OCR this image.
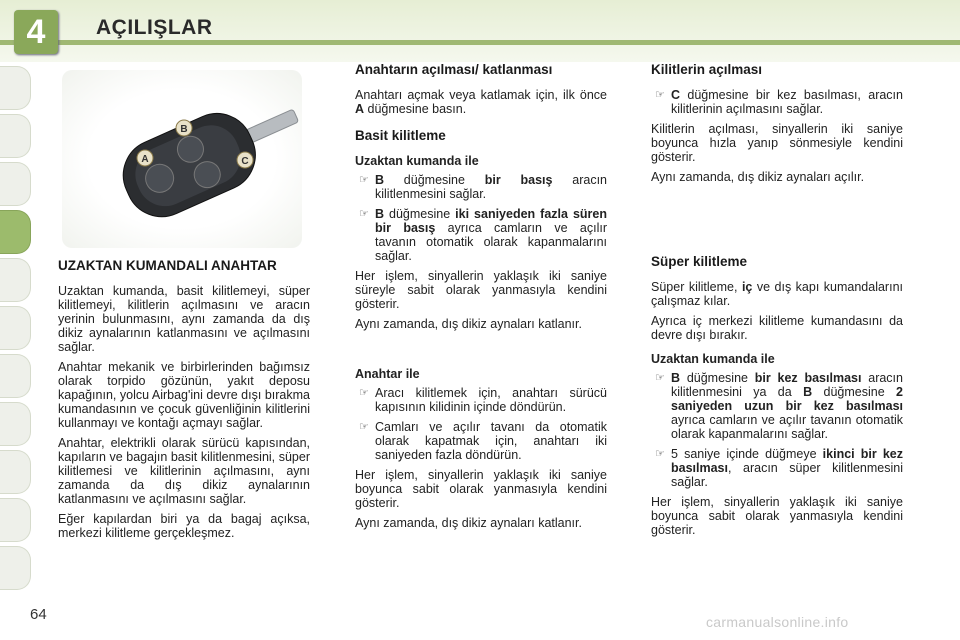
4	AÇILIŞLAR
B
A	C
UZAKTAN KUMANDALI ANAHTAR

Uzaktan kumanda, basit kilitlemeyi, süper kilitlemeyi, kilitlerin açılmasını ve aracın yerinin bulunmasını, aynı zamanda da dış dikiz aynalarının katlanmasını ve açılmasını sağlar.

Anahtar mekanik ve birbirlerinden bağımsız olarak torpido gözünün, yakıt deposu kapağının, yolcu Airbag'ini devre dışı bırakma kumandasının ve çocuk güvenliğinin kilitlerini kullanmayı ve kontağı açmayı sağlar.

Anahtar, elektrikli olarak sürücü kapısından, kapıların ve bagajın basit kilitlenmesini, süper kilitlemesi ve kilitlerinin açılmasını, aynı zamanda da dış dikiz aynalarının katlanmasını ve açılmasını sağlar.

Eğer kapılardan biri ya da bagaj açıksa, merkezi kilitleme gerçekleşmez.

Anahtarın açılması/ katlanması

Anahtarı açmak veya katlamak için, ilk önce A düğmesine basın.

Basit kilitleme
Uzaktan kumanda ile
☞ B düğmesine bir basış aracın kilitlenmesini sağlar.
☞ B düğmesine iki saniyeden fazla süren bir basış ayrıca camların ve açılır tavanın otomatik olarak kapanmalarını sağlar.

Her işlem, sinyallerin yaklaşık iki saniye süreyle sabit olarak yanmasıyla kendini gösterir.

Aynı zamanda, dış dikiz aynaları katlanır.

Anahtar ile
☞ Aracı kilitlemek için, anahtarı sürücü kapısının kilidinin içinde döndürün.
☞ Camları ve açılır tavanı da otomatik olarak kapatmak için, anahtarı iki saniyeden fazla döndürün.

Her işlem, sinyallerin yaklaşık iki saniye boyunca sabit olarak yanmasıyla kendini gösterir.

Aynı zamanda, dış dikiz aynaları katlanır.

Kilitlerin açılması
☞ C düğmesine bir kez basılması, aracın kilitlerinin açılmasını sağlar.

Kilitlerin açılması, sinyallerin iki saniye boyunca hızla yanıp sönmesiyle kendini gösterir.

Aynı zamanda, dış dikiz aynaları açılır.

Süper kilitleme

Süper kilitleme, iç ve dış kapı kumandalarını çalışmaz kılar.

Ayrıca iç merkezi kilitleme kumandasını da devre dışı bırakır.

Uzaktan kumanda ile
☞ B düğmesine bir kez basılması aracın kilitlenmesini ya da B düğmesine 2 saniyeden uzun bir kez basılması ayrıca camların ve açılır tavanın otomatik olarak kapanmalarını sağlar.
☞ 5 saniye içinde düğmeye ikinci bir kez basılması, aracın süper kilitlenmesini sağlar.

Her işlem, sinyallerin yaklaşık iki saniye boyunca sabit olarak yanmasıyla kendini gösterir.

64	carmanualsonline.info
